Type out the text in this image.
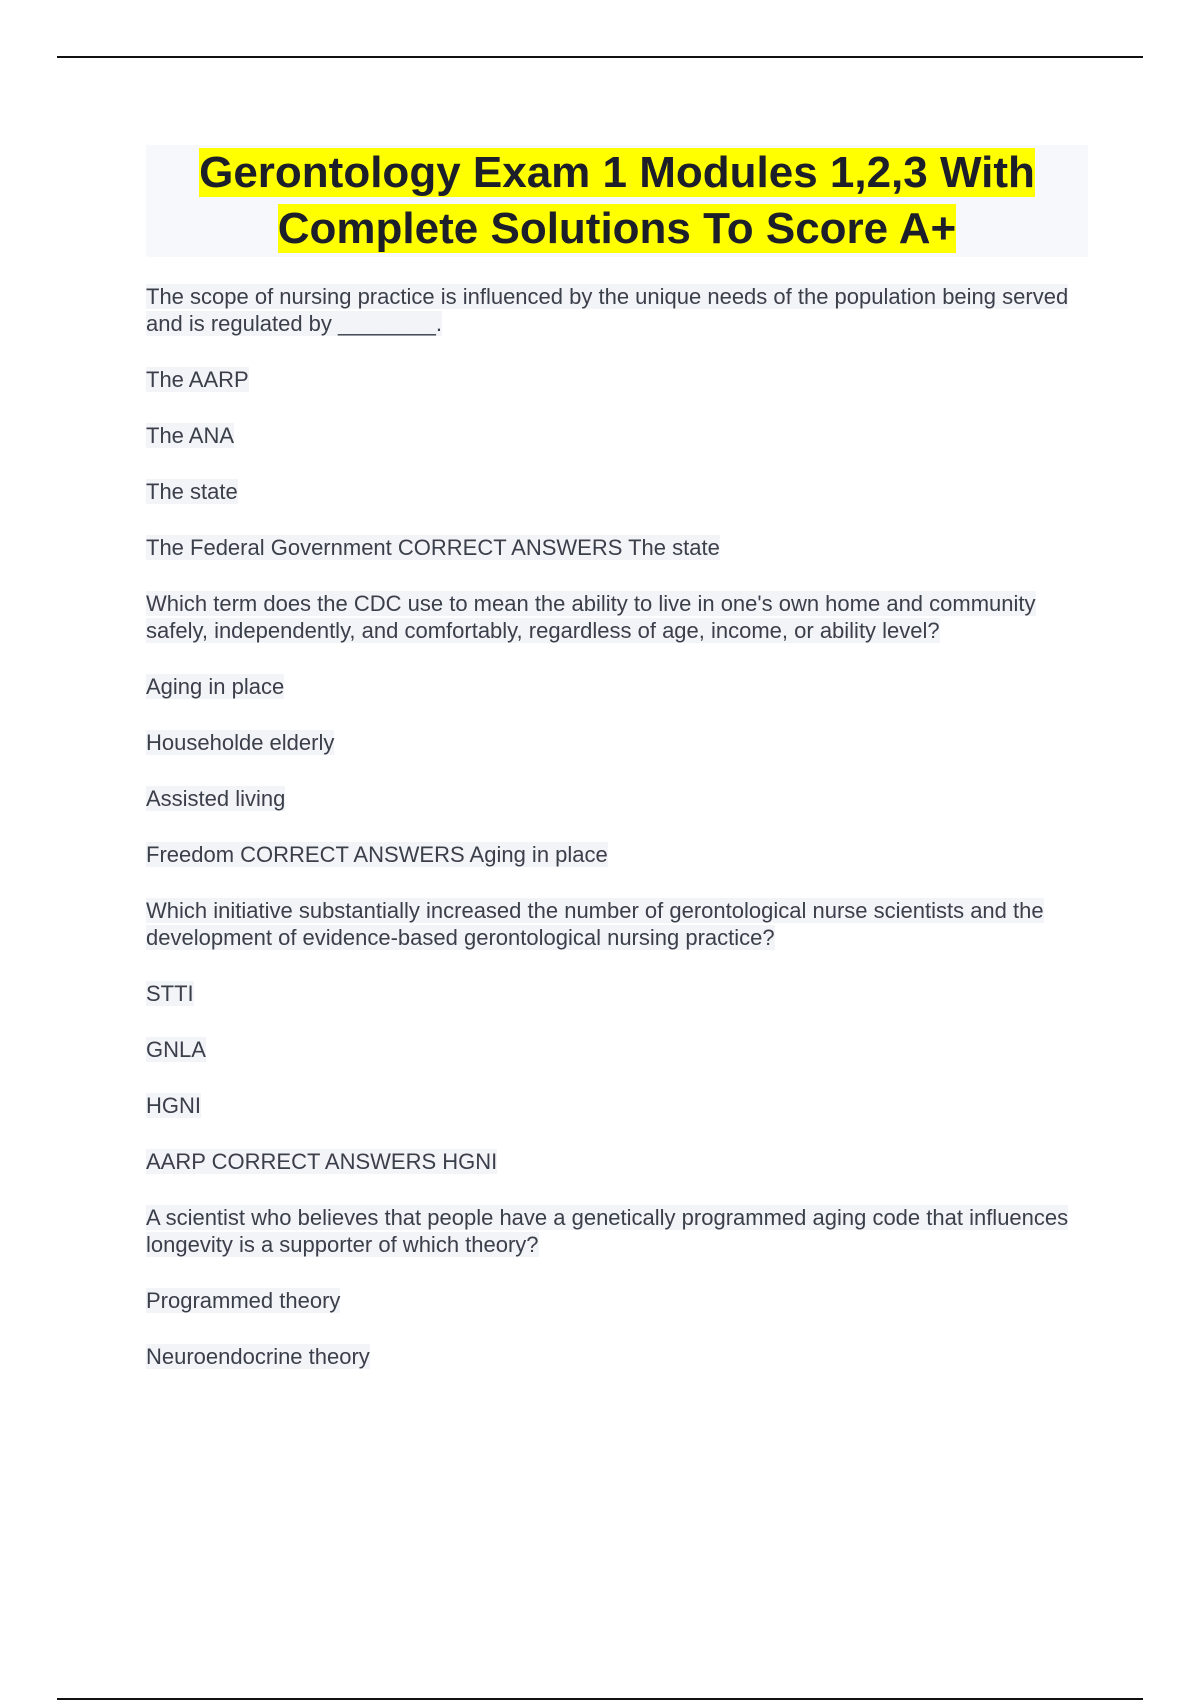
Gerontology Exam 1 Modules 1,2,3 With Complete Solutions To Score A+

The scope of nursing practice is influenced by the unique needs of the population being served and is regulated by ________.

The AARP

The ANA

The state

The Federal Government CORRECT ANSWERS The state

Which term does the CDC use to mean the ability to live in one's own home and community safely, independently, and comfortably, regardless of age, income, or ability level?

Aging in place

Householde elderly

Assisted living

Freedom CORRECT ANSWERS Aging in place

Which initiative substantially increased the number of gerontological nurse scientists and the development of evidence-based gerontological nursing practice?

STTI

GNLA

HGNI

AARP CORRECT ANSWERS HGNI

A scientist who believes that people have a genetically programmed aging code that influences longevity is a supporter of which theory?

Programmed theory

Neuroendocrine theory
